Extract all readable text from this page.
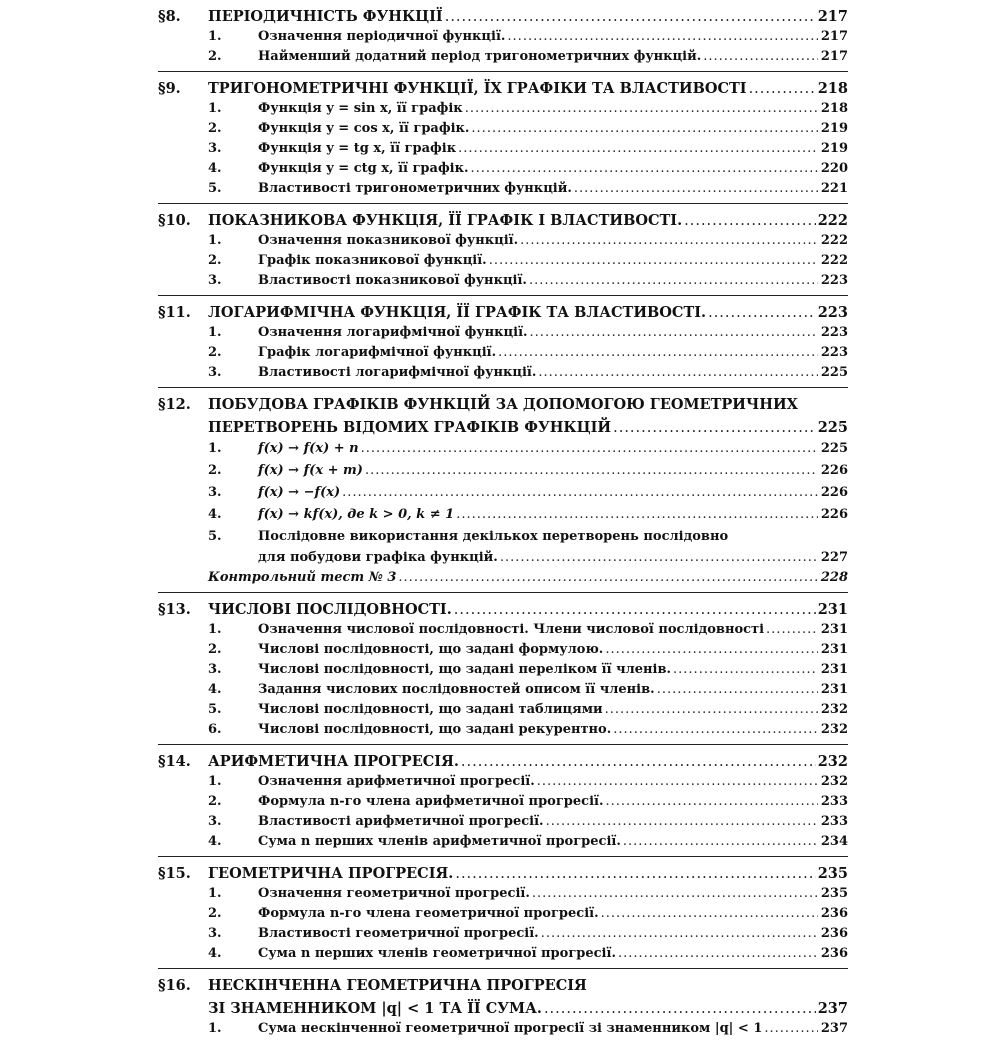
§8.	ПЕРІОДИЧНІСТЬ ФУНКЦІЇ .....	217
1.	Означення періодичної функції. .....	217
2.	Найменший додатний період тригонометричних функцій. .....	217
§9.	ТРИГОНОМЕТРИЧНІ ФУНКЦІЇ, ЇХ ГРАФІКИ ТА ВЛАСТИВОСТІ .....	218
1.	Функція y = sin x, її графік .....	218
2.	Функція y = cos x, її графік. .....	219
3.	Функція y = tg x, її графік .....	219
4.	Функція y = ctg x, її графік. .....	220
5.	Властивості тригонометричних функцій. .....	221
§10.	ПОКАЗНИКОВА ФУНКЦІЯ, ЇЇ ГРАФІК І ВЛАСТИВОСТІ. .....	222
1.	Означення показникової функції. .....	222
2.	Графік показникової функції. .....	222
3.	Властивості показникової функції. .....	223
§11.	ЛОГАРИФМІЧНА ФУНКЦІЯ, ЇЇ ГРАФІК ТА ВЛАСТИВОСТІ. .....	223
1.	Означення логарифмічної функції. .....	223
2.	Графік логарифмічної функції. .....	223
3.	Властивості логарифмічної функції. .....	225
§12.	ПОБУДОВА ГРАФІКІВ ФУНКЦІЙ ЗА ДОПОМОГОЮ ГЕОМЕТРИЧНИХ
ПЕРЕТВОРЕНЬ ВІДОМИХ ГРАФІКІВ ФУНКЦІЙ .....	225
1.	f(x) → f(x) + n .....	225
2.	f(x) → f(x + m) .....	226
3.	f(x) → −f(x) .....	226
4.	f(x) → kf(x), де k > 0, k ≠ 1 .....	226
5.	Послідовне використання декількох перетворень послідовно
для побудови графіка функцій. .....	227
Контрольний тест № 3 .....	228
§13.	ЧИСЛОВІ ПОСЛІДОВНОСТІ. .....	231
1.	Означення числової послідовності. Члени числової послідовності .....	231
2.	Числові послідовності, що задані формулою. .....	231
3.	Числові послідовності, що задані переліком її членів. .....	231
4.	Задання числових послідовностей описом її членів. .....	231
5.	Числові послідовності, що задані таблицями .....	232
6.	Числові послідовності, що задані рекурентно. .....	232
§14.	АРИФМЕТИЧНА ПРОГРЕСІЯ. .....	232
1.	Означення арифметичної прогресії. .....	232
2.	Формула n-го члена арифметичної прогресії. .....	233
3.	Властивості арифметичної прогресії. .....	233
4.	Сума n перших членів арифметичної прогресії. .....	234
§15.	ГЕОМЕТРИЧНА ПРОГРЕСІЯ. .....	235
1.	Означення геометричної прогресії. .....	235
2.	Формула n-го члена геометричної прогресії. .....	236
3.	Властивості геометричної прогресії. .....	236
4.	Сума n перших членів геометричної прогресії. .....	236
§16.	НЕСКІНЧЕННА ГЕОМЕТРИЧНА ПРОГРЕСІЯ
ЗІ ЗНАМЕННИКОМ |q| < 1 ТА ЇЇ СУМА. .....	237
1.	Сума нескінченної геометричної прогресії зі знаменником |q| < 1 .....	237
